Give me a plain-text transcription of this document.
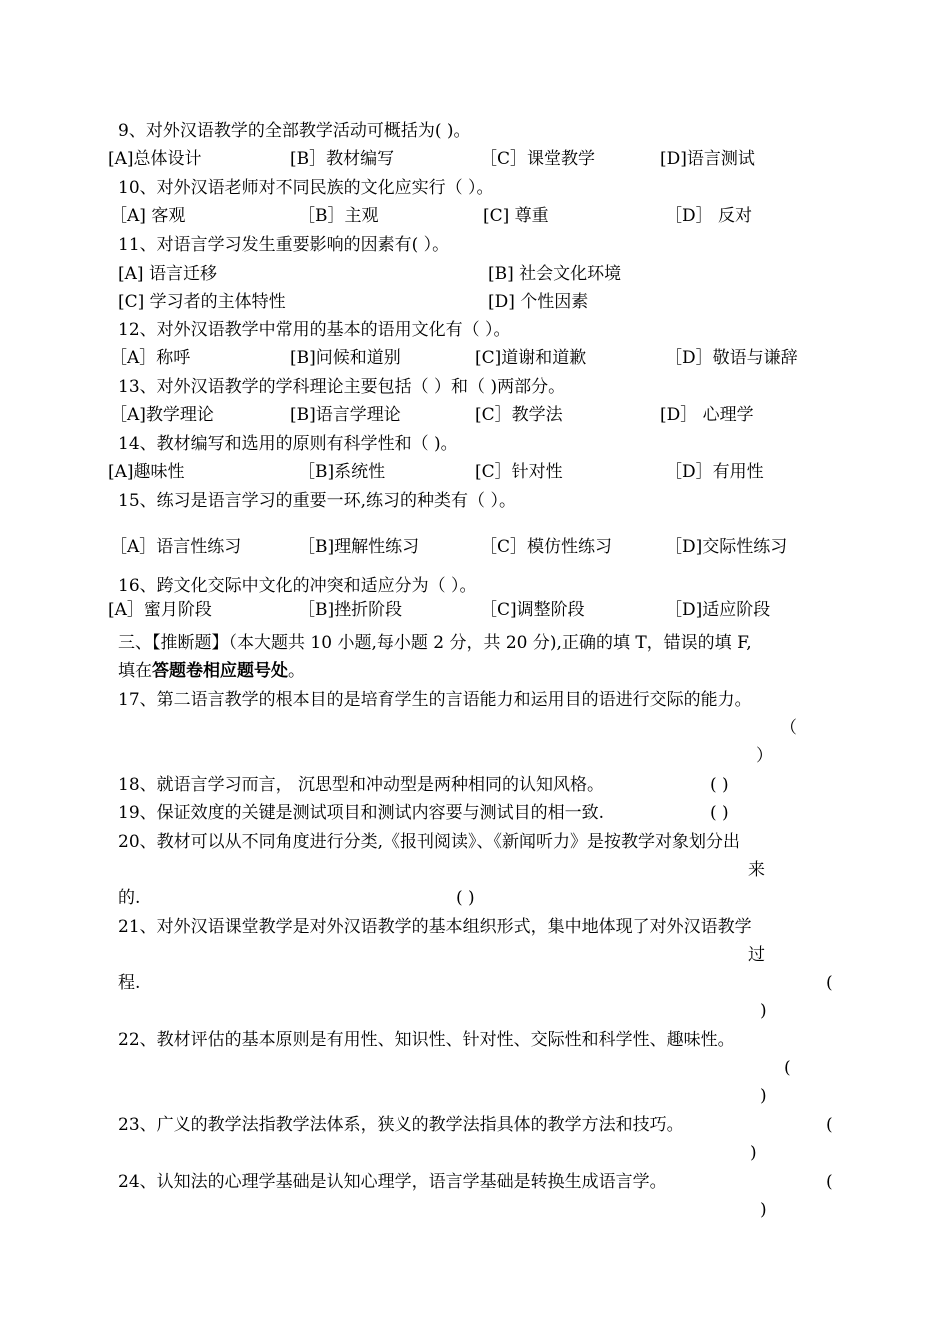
9、对外汉语教学的全部教学活动可概括为( )。
[A]总体设计	[B］教材编写	［C］课堂教学	[D]语言测试
10、对外汉语老师对不同民族的文化应实行（ ）。
［A] 客观	［B］主观	[C] 尊重	［D］ 反对
11、对语言学习发生重要影响的因素有( ）。
[A] 语言迁移	[B] 社会文化环境
[C] 学习者的主体特性	[D] 个性因素
12、对外汉语教学中常用的基本的语用文化有（ ）。
［A］称呼	[B]问候和道别	[C]道谢和道歉	［D］敬语与谦辞
13、对外汉语教学的学科理论主要包括（ ）和（ )两部分。
［A]教学理论	[B]语言学理论	[C］教学法	[D］ 心理学
14、教材编写和选用的原则有科学性和（ )。
[A]趣味性	［B]系统性	[C］针对性	［D］有用性
15、练习是语言学习的重要一环,练习的种类有（ ）。
［A］语言性练习	［B]理解性练习	［C］模仿性练习	［D]交际性练习
16、跨文化交际中文化的冲突和适应分为（ ）。
[A］蜜月阶段	［B]挫折阶段	［C]调整阶段	［D]适应阶段
三、【推断题】（本大题共 10 小题,每小题 2 分，共 20 分),正确的填 T，错误的填 F,
填在答题卷相应题号处。
17、第二语言教学的根本目的是培育学生的言语能力和运用目的语进行交际的能力。
（
）
18、就语言学习而言， 沉思型和冲动型是两种相同的认知风格。	( )
19、保证效度的关键是测试项目和测试内容要与测试目的相一致.	( )
20、教材可以从不同角度进行分类,《报刊阅读》、《新闻听力》是按教学对象划分出
来
的.	( )
21、对外汉语课堂教学是对外汉语教学的基本组织形式，集中地体现了对外汉语教学
过
程.	(
)
22、教材评估的基本原则是有用性、知识性、针对性、交际性和科学性、趣味性。
(
)
23、广义的教学法指教学法体系，狭义的教学法指具体的教学方法和技巧。	(
)
24、认知法的心理学基础是认知心理学，语言学基础是转换生成语言学。	(
)
